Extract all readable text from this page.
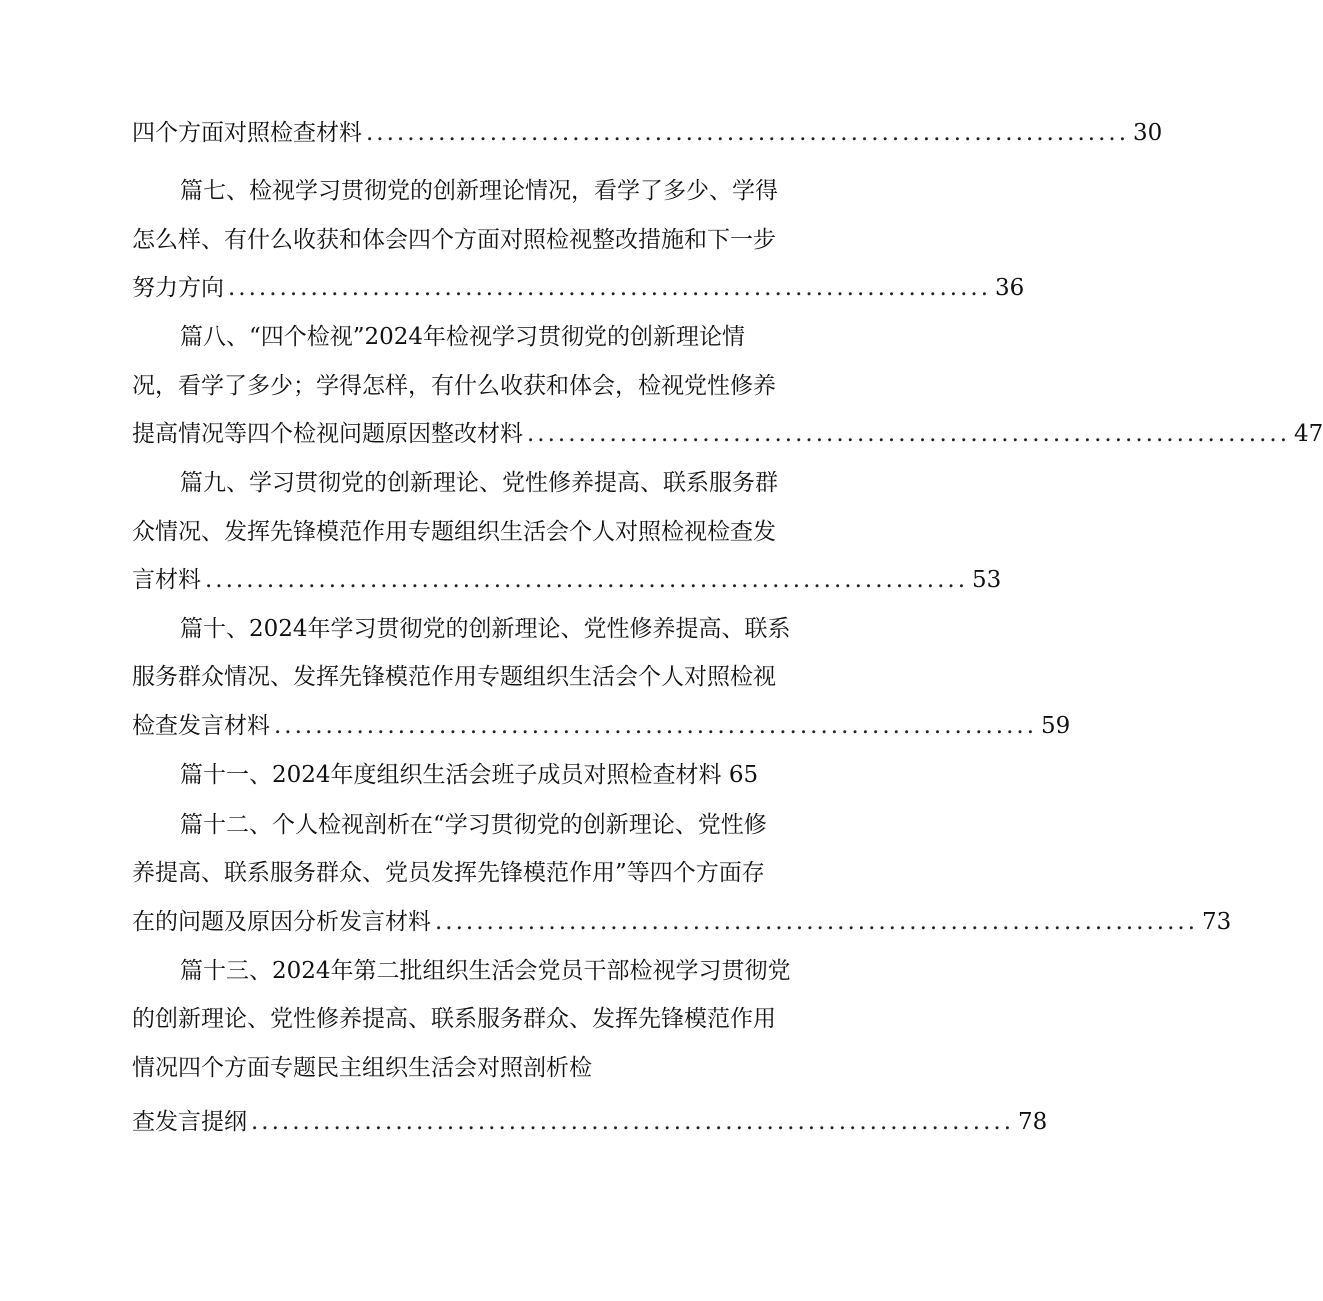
四个方面对照检查材料 .......................................................................... 30
篇七、检视学习贯彻党的创新理论情况，看学了多少、学得
怎么样、有什么收获和体会四个方面对照检视整改措施和下一步
努力方向 .......................................................................... 36
篇八、“四个检视”2024年检视学习贯彻党的创新理论情
况，看学了多少；学得怎样，有什么收获和体会，检视党性修养
提高情况等四个检视问题原因整改材料 .......................................................................... 47
篇九、学习贯彻党的创新理论、党性修养提高、联系服务群
众情况、发挥先锋模范作用专题组织生活会个人对照检视检查发
言材料 .......................................................................... 53
篇十、2024年学习贯彻党的创新理论、党性修养提高、联系
服务群众情况、发挥先锋模范作用专题组织生活会个人对照检视
检查发言材料 .......................................................................... 59
篇十一、2024年度组织生活会班子成员对照检查材料 65
篇十二、个人检视剖析在“学习贯彻党的创新理论、党性修
养提高、联系服务群众、党员发挥先锋模范作用”等四个方面存
在的问题及原因分析发言材料 .......................................................................... 73
篇十三、2024年第二批组织生活会党员干部检视学习贯彻党
的创新理论、党性修养提高、联系服务群众、发挥先锋模范作用
情况四个方面专题民主组织生活会对照剖析检
查发言提纲 .......................................................................... 78
